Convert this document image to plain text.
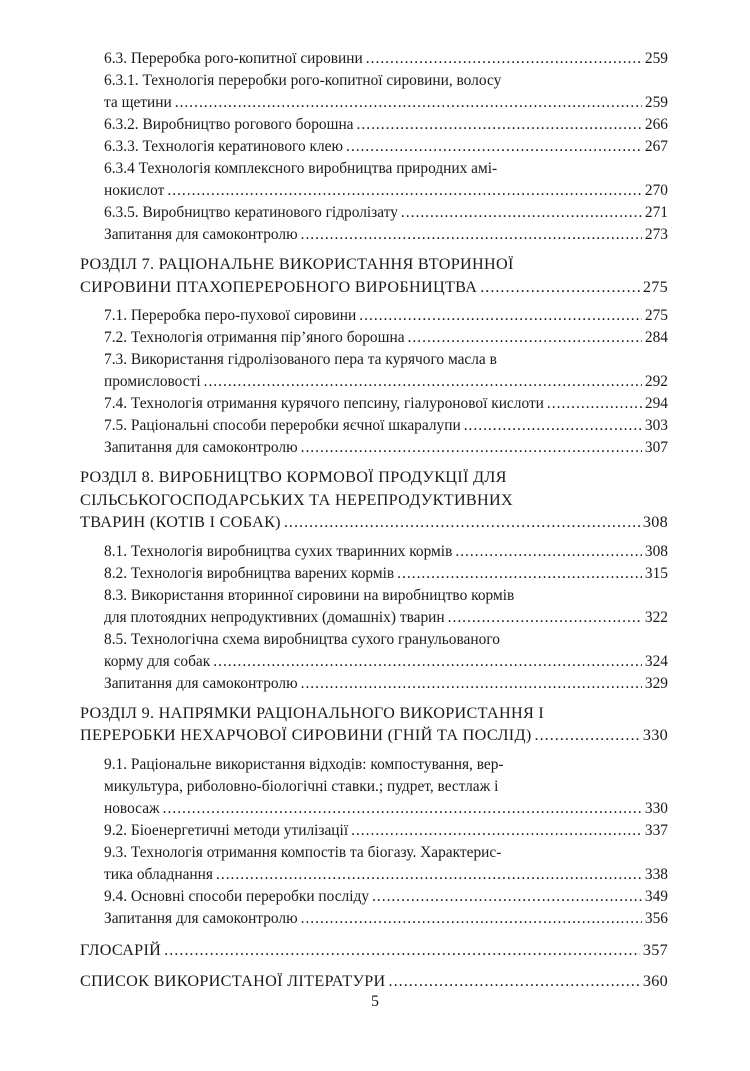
6.3. Переробка рого-копитної сировини .....	259
6.3.1. Технологія переробки рого-копитної сировини, волосу
та щетини .....	259
6.3.2. Виробництво рогового борошна .....	266
6.3.3. Технологія кератинового клею .....	267
6.3.4 Технологія комплексного виробництва природних амі-
нокислот .....	270
6.3.5. Виробництво кератинового гідролізату .....	271
Запитання для самоконтролю .....	273
РОЗДІЛ 7. РАЦІОНАЛЬНЕ ВИКОРИСТАННЯ ВТОРИННОЇ
СИРОВИНИ ПТАХОПЕРЕРОБНОГО ВИРОБНИЦТВА .....	275
7.1. Переробка перо-пухової сировини .....	275
7.2. Технологія отримання пір’яного борошна .....	284
7.3. Використання гідролізованого пера та курячого масла в
промисловості .....	292
7.4. Технологія отримання курячого пепсину, гіалуронової кислоти .....	294
7.5. Раціональні способи переробки яєчної шкаралупи .....	303
Запитання для самоконтролю .....	307
РОЗДІЛ 8. ВИРОБНИЦТВО КОРМОВОЇ ПРОДУКЦІЇ ДЛЯ
СІЛЬСЬКОГОСПОДАРСЬКИХ ТА НЕРЕПРОДУКТИВНИХ
ТВАРИН (КОТІВ І СОБАК) .....	308
8.1. Технологія виробництва сухих тваринних кормів .....	308
8.2. Технологія виробництва варених кормів .....	315
8.3. Використання вторинної сировини на виробництво кормів
для плотоядних непродуктивних (домашніх) тварин .....	322
8.5. Технологічна схема виробництва сухого гранульованого
корму для собак .....	324
Запитання для самоконтролю .....	329
РОЗДІЛ 9. НАПРЯМКИ РАЦІОНАЛЬНОГО ВИКОРИСТАННЯ І
ПЕРЕРОБКИ НЕХАРЧОВОЇ СИРОВИНИ (ГНІЙ ТА ПОСЛІД) .....	330
9.1. Раціональне використання відходів: компостування, вер-
микультура, риболовно-біологічні ставки.; пудрет, вестлаж і
новосаж .....	330
9.2. Біоенергетичні методи утилізації .....	337
9.3. Технологія отримання компостів та біогазу. Характерис-
тика обладнання .....	338
9.4. Основні способи переробки послідy .....	349
Запитання для самоконтролю .....	356
ГЛОСАРІЙ .....	357
СПИСОК ВИКОРИСТАНОЇ ЛІТЕРАТУРИ .....	360
5
